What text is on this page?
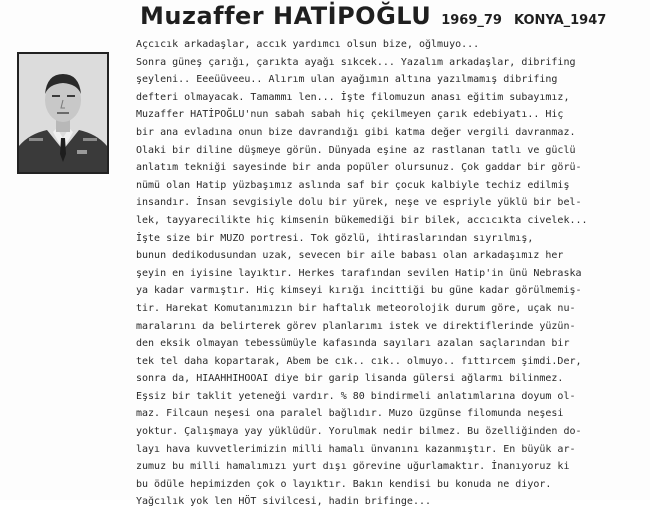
Muzaffer HATİPOĞLU 1969_79 KONYA_1947
Açcıcık arkadaşlar, accık yardımcı olsun bize, oğlmuyo...
Sonra güneş çarığı, çarıkta ayağı sıkcek... Yazalım arkadaşlar, dibrifing
şeyleni.. Eeeüüveeu.. Alırım ulan ayağımın altına yazılmamış dibrifing
defteri olmayacak. Tamammı len... İşte filomuzun anası eğitim subayımız,
Muzaffer HATİPOĞLU'nun sabah sabah hiç çekilmeyen çarık edebiyatı.. Hiç
bir ana evladına onun bize davrandığı gibi katma değer vergili davranmaz.
Olaki bir diline düşmeye görün. Dünyada eşine az rastlanan tatlı ve güclü
anlatım tekniği sayesinde bir anda popüler olursunuz. Çok gaddar bir görü-
nümü olan Hatip yüzbaşımız aslında saf bir çocuk kalbiyle techiz edilmiş
insandır. İnsan sevgisiyle dolu bir yürek, neşe ve espriyle yüklü bir bel-
lek, tayyarecilikte hiç kimsenin bükemediği bir bilek, accıcıkta civelek...
İşte size bir MUZO portresi. Tok gözlü, ihtiraslarından sıyrılmış,
bunun dedikodusundan uzak, sevecen bir aile babası olan arkadaşımız her
şeyin en iyisine layıktır. Herkes tarafından sevilen Hatip'in ünü Nebraska
ya kadar varmıştır. Hiç kimseyi kırığı incittiği bu güne kadar görülmemiş-
tir. Harekat Komutanımızın bir haftalık meteorolojik durum göre, uçak nu-
maralarını da belirterek görev planlarımı istek ve direktiflerinde yüzün-
den eksik olmayan tebessümüyle kafasında sayıları azalan saçlarından bir
tek tel daha kopartarak, Abem be cık.. cık.. olmuyo.. fıttırcem şimdi.Der,
sonra da, HIAAHHIHOOAI diye bir garip lisanda gülersi ağlarmı bilinmez.
Eşsiz bir taklit yeteneği vardır. % 80 bindirmeli anlatımlarına doyum ol-
maz. Filcaun neşesi ona paralel bağlıdır. Muzo üzgünse filomunda neşesi
yoktur. Çalışmaya yay yüklüdür. Yorulmak nedir bilmez. Bu özelliğinden do-
layı hava kuvvetlerimizin milli hamalı ünvanını kazanmıştır. En büyük ar-
zumuz bu milli hamalımızı yurt dışı görevine uğurlamaktır. İnanıyoruz ki
bu ödüle hepimizden çok o layıktır. Bakın kendisi bu konuda ne diyor.
Yağcılık yok len HÖT sivilcesi, hadin brifinge...
